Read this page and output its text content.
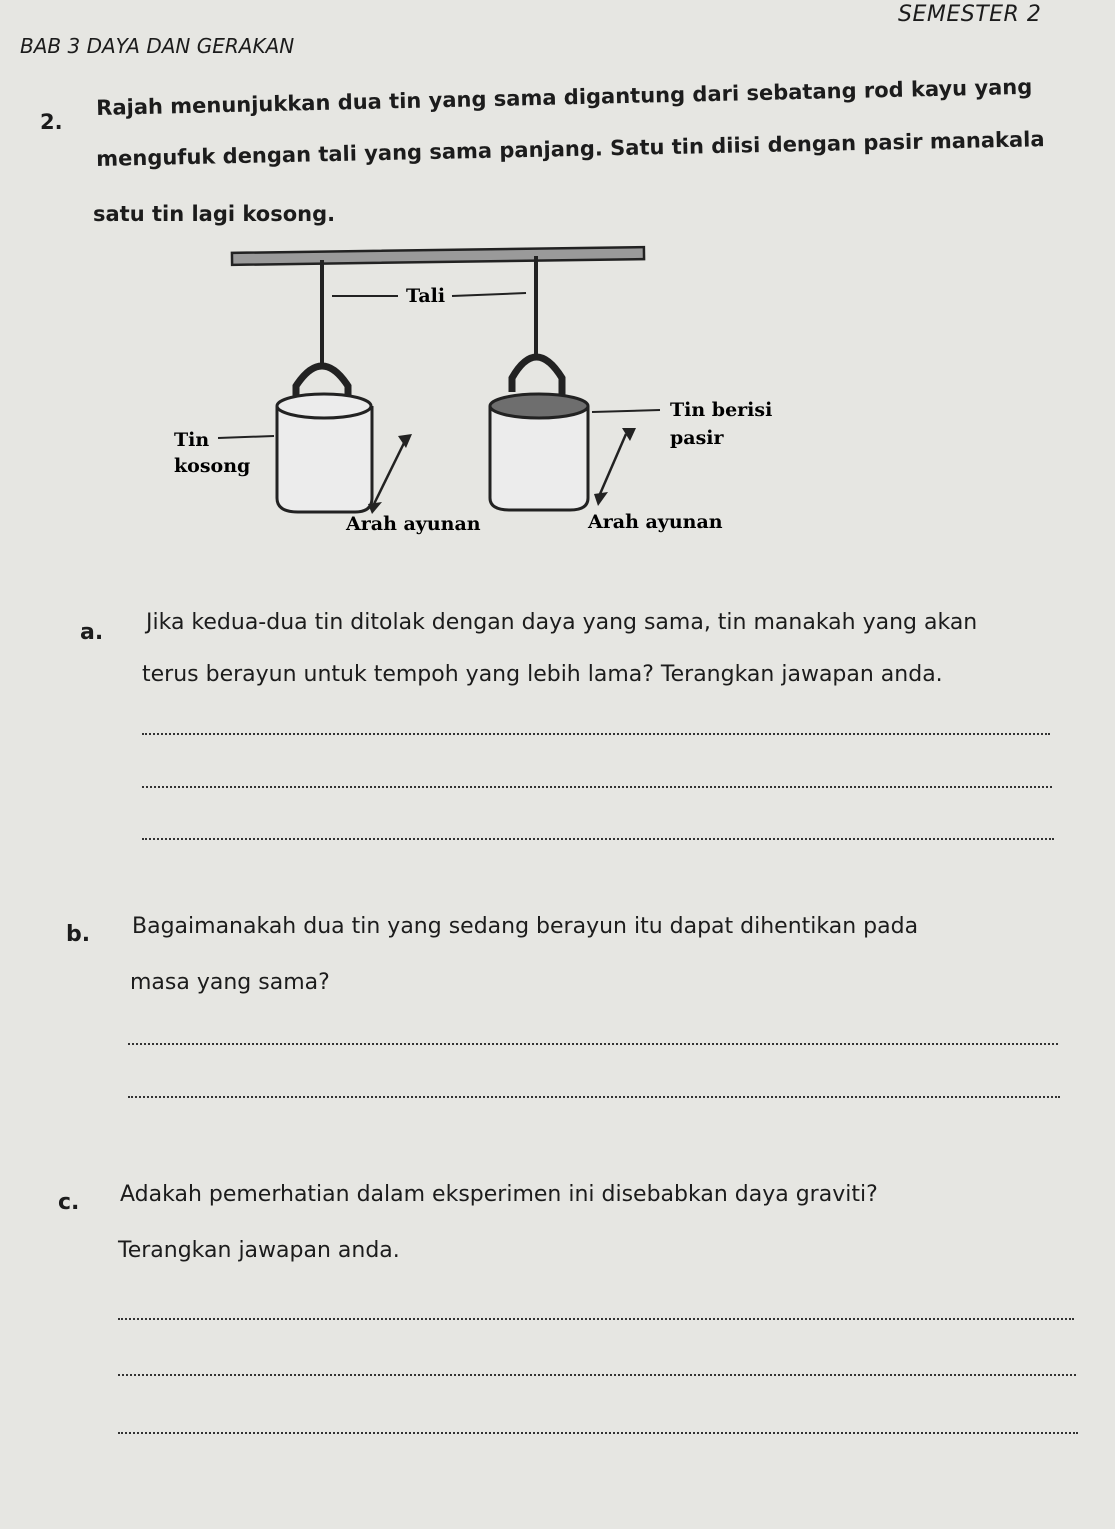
SEMESTER 2
BAB 3 DAYA DAN GERAKAN
2.
Rajah menunjukkan dua tin yang sama digantung dari sebatang rod kayu yang
mengufuk dengan tali yang sama panjang. Satu tin diisi dengan pasir manakala
satu tin lagi kosong.
Tali
Tin
kosong
Tin berisi
pasir
Arah ayunan	Arah ayunan
a. Jika kedua-dua tin ditolak dengan daya yang sama, tin manakah yang akan
terus berayun untuk tempoh yang lebih lama? Terangkan jawapan anda.
b. Bagaimanakah dua tin yang sedang berayun itu dapat dihentikan pada
masa yang sama?
c. Adakah pemerhatian dalam eksperimen ini disebabkan daya graviti?
Terangkan jawapan anda.
